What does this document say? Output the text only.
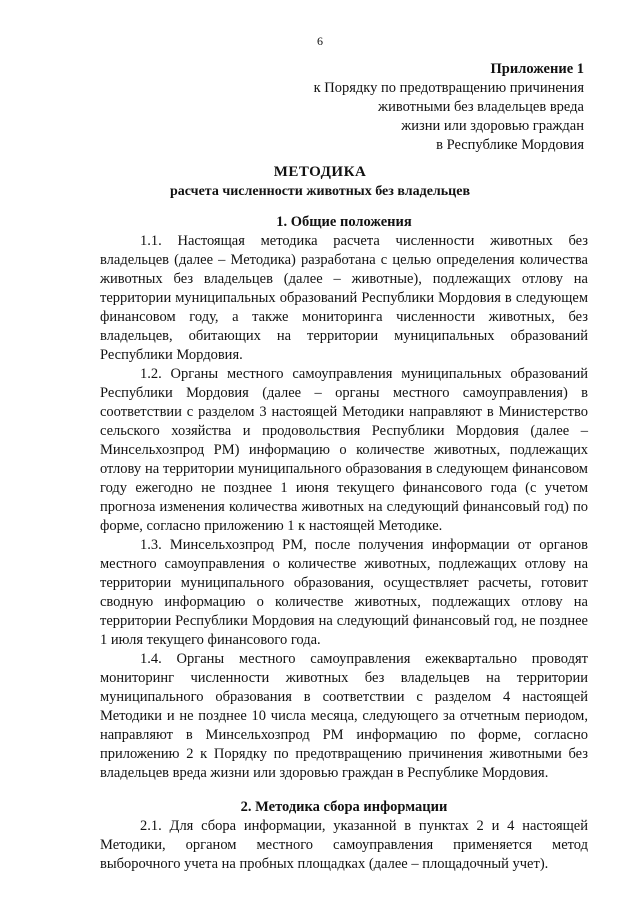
6
Приложение 1
к Порядку по предотвращению причинения
животными без владельцев вреда
жизни или здоровью граждан
в Республике Мордовия
МЕТОДИКА
расчета численности животных без владельцев
1. Общие положения

1.1. Настоящая методика расчета численности животных без владельцев (далее – Методика) разработана с целью определения количества животных без владельцев (далее – животные), подлежащих отлову на территории муниципальных образований Республики Мордовия в следующем финансовом году, а также мониторинга численности животных, без владельцев, обитающих на территории муниципальных образований Республики Мордовия.

1.2. Органы местного самоуправления муниципальных образований Республики Мордовия (далее – органы местного самоуправления) в соответствии с разделом 3 настоящей Методики направляют в Министерство сельского хозяйства и продовольствия Республики Мордовия (далее – Минсельхозпрод РМ) информацию о количестве животных, подлежащих отлову на территории муниципального образования в следующем финансовом году ежегодно не позднее 1 июня текущего финансового года (с учетом прогноза изменения количества животных на следующий финансовый год) по форме, согласно приложению 1 к настоящей Методике.

1.3. Минсельхозпрод РМ, после получения информации от органов местного самоуправления о количестве животных, подлежащих отлову на территории муниципального образования, осуществляет расчеты, готовит сводную информацию о количестве животных, подлежащих отлову на территории Республики Мордовия на следующий финансовый год, не позднее 1 июля текущего финансового года.

1.4. Органы местного самоуправления ежеквартально проводят мониторинг численности животных без владельцев на территории муниципального образования в соответствии с разделом 4 настоящей Методики и не позднее 10 числа месяца, следующего за отчетным периодом, направляют в Минсельхозпрод РМ информацию по форме, согласно приложению 2 к Порядку по предотвращению причинения животными без владельцев вреда жизни или здоровью граждан в Республике Мордовия.

2. Методика сбора информации

2.1. Для сбора информации, указанной в пунктах 2 и 4 настоящей Методики, органом местного самоуправления применяется метод выборочного учета на пробных площадках (далее – площадочный учет).
